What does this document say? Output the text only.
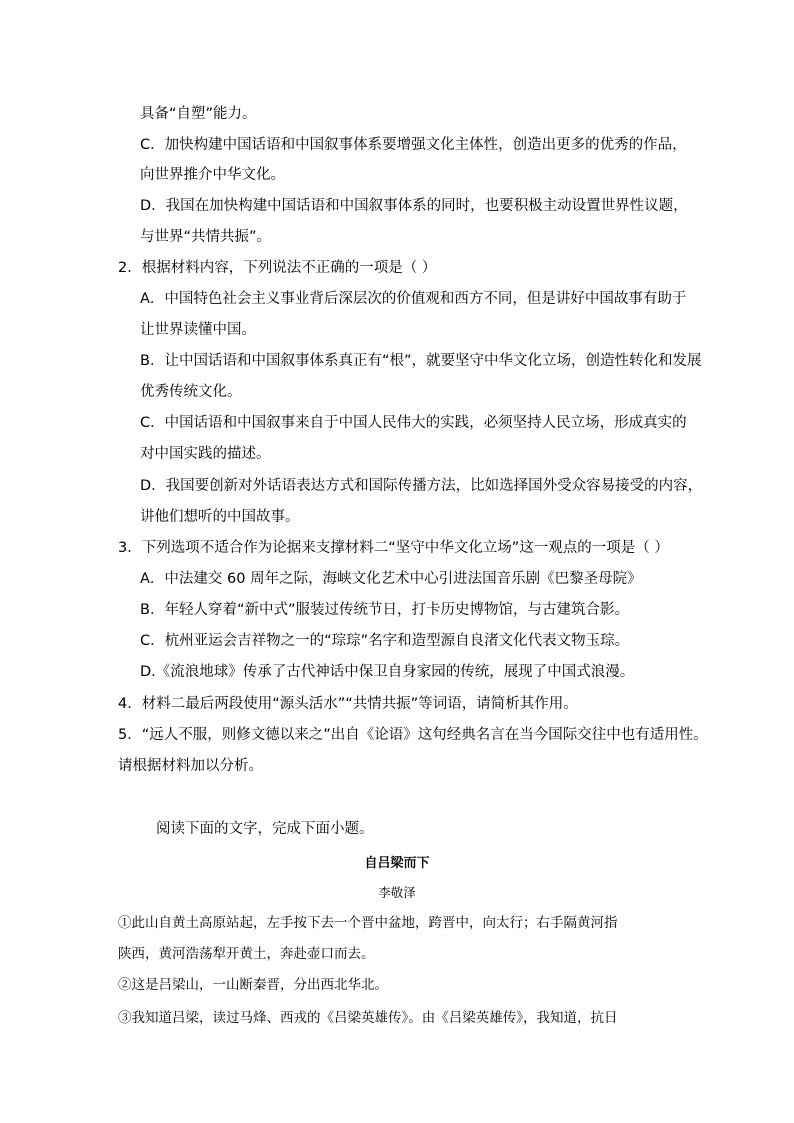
具备“自塑”能力。
C．加快构建中国话语和中国叙事体系要增强文化主体性，创造出更多的优秀的作品，
向世界推介中华文化。
D．我国在加快构建中国话语和中国叙事体系的同时，也要积极主动设置世界性议题，
与世界“共情共振”。
2．根据材料内容，下列说法不正确的一项是（ ）
A．中国特色社会主义事业背后深层次的价值观和西方不同，但是讲好中国故事有助于
让世界读懂中国。
B．让中国话语和中国叙事体系真正有“根”，就要坚守中华文化立场，创造性转化和发展
优秀传统文化。
C．中国话语和中国叙事来自于中国人民伟大的实践，必须坚持人民立场，形成真实的
对中国实践的描述。
D．我国要创新对外话语表达方式和国际传播方法，比如选择国外受众容易接受的内容，
讲他们想听的中国故事。
3．下列选项不适合作为论据来支撑材料二“坚守中华文化立场”这一观点的一项是（ ）
A．中法建交 60 周年之际，海峡文化艺术中心引进法国音乐剧《巴黎圣母院》
B．年轻人穿着“新中式”服装过传统节日，打卡历史博物馆，与古建筑合影。
C．杭州亚运会吉祥物之一的“琮琮”名字和造型源自良渚文化代表文物玉琮。
D.《流浪地球》传承了古代神话中保卫自身家园的传统，展现了中国式浪漫。
4．材料二最后两段使用“源头活水”“共情共振”等词语，请简析其作用。
5．“远人不服，则修文德以来之”出自《论语》这句经典名言在当今国际交往中也有适用性。
请根据材料加以分析。
阅读下面的文字，完成下面小题。
自吕梁而下
李敬泽
①此山自黄土高原站起，左手按下去一个晋中盆地，跨晋中，向太行；右手隔黄河指
陕西，黄河浩荡犁开黄土，奔赴壶口而去。
②这是吕梁山，一山断秦晋，分出西北华北。
③我知道吕梁，读过马烽、西戎的《吕梁英雄传》。由《吕梁英雄传》，我知道，抗日
